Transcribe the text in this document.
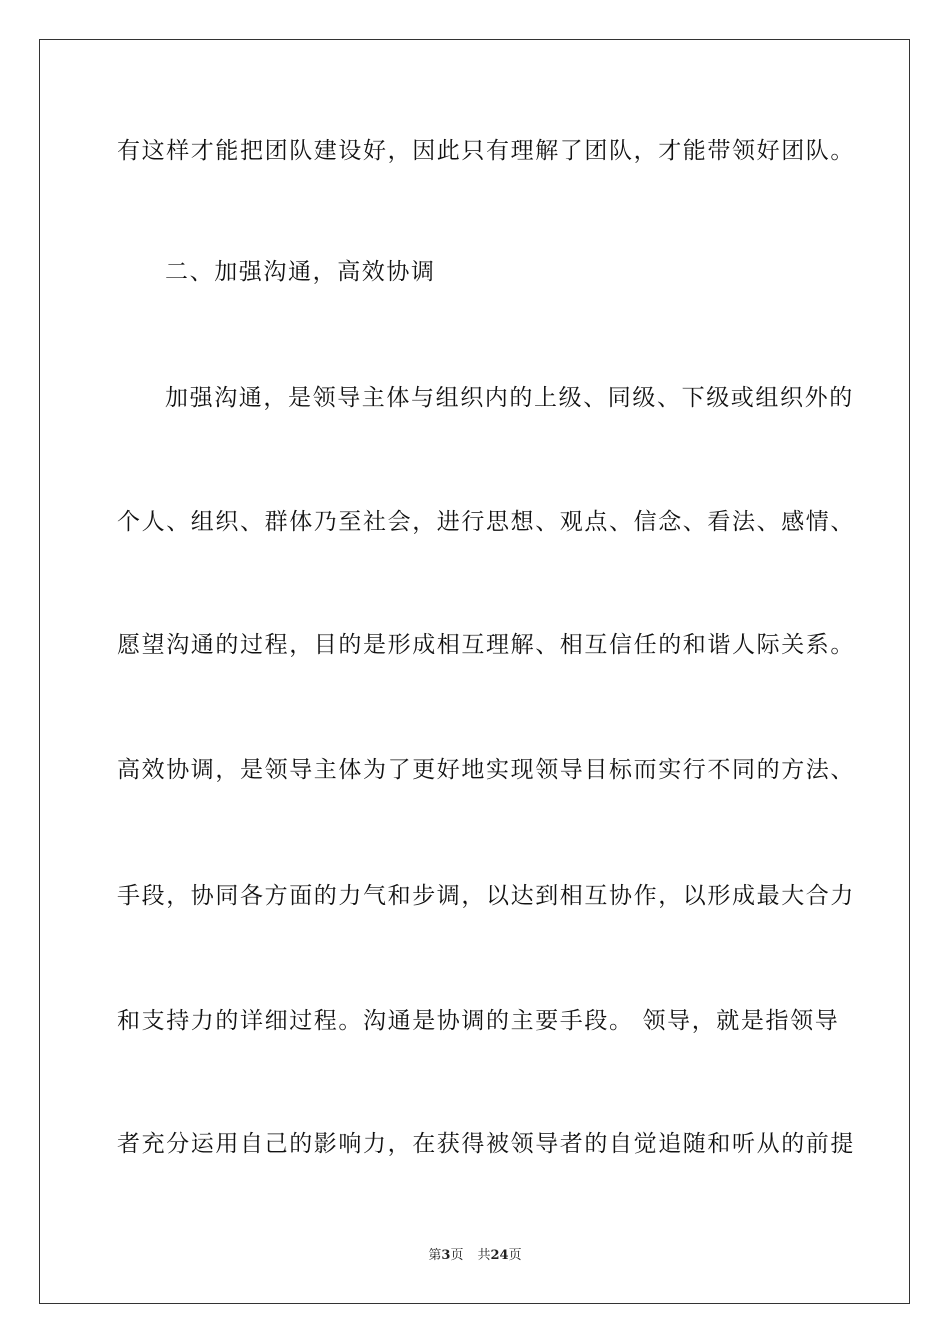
有这样才能把团队建设好，因此只有理解了团队，才能带领好团队。
二、加强沟通，高效协调
加强沟通，是领导主体与组织内的上级、同级、下级或组织外的
个人、组织、群体乃至社会，进行思想、观点、信念、看法、感情、
愿望沟通的过程，目的是形成相互理解、相互信任的和谐人际关系。
高效协调，是领导主体为了更好地实现领导目标而实行不同的方法、
手段，协同各方面的力气和步调，以达到相互协作，以形成最大合力
和支持力的详细过程。沟通是协调的主要手段。 领导，就是指领导
者充分运用自己的影响力，在获得被领导者的自觉追随和听从的前提
第3页 共24页
